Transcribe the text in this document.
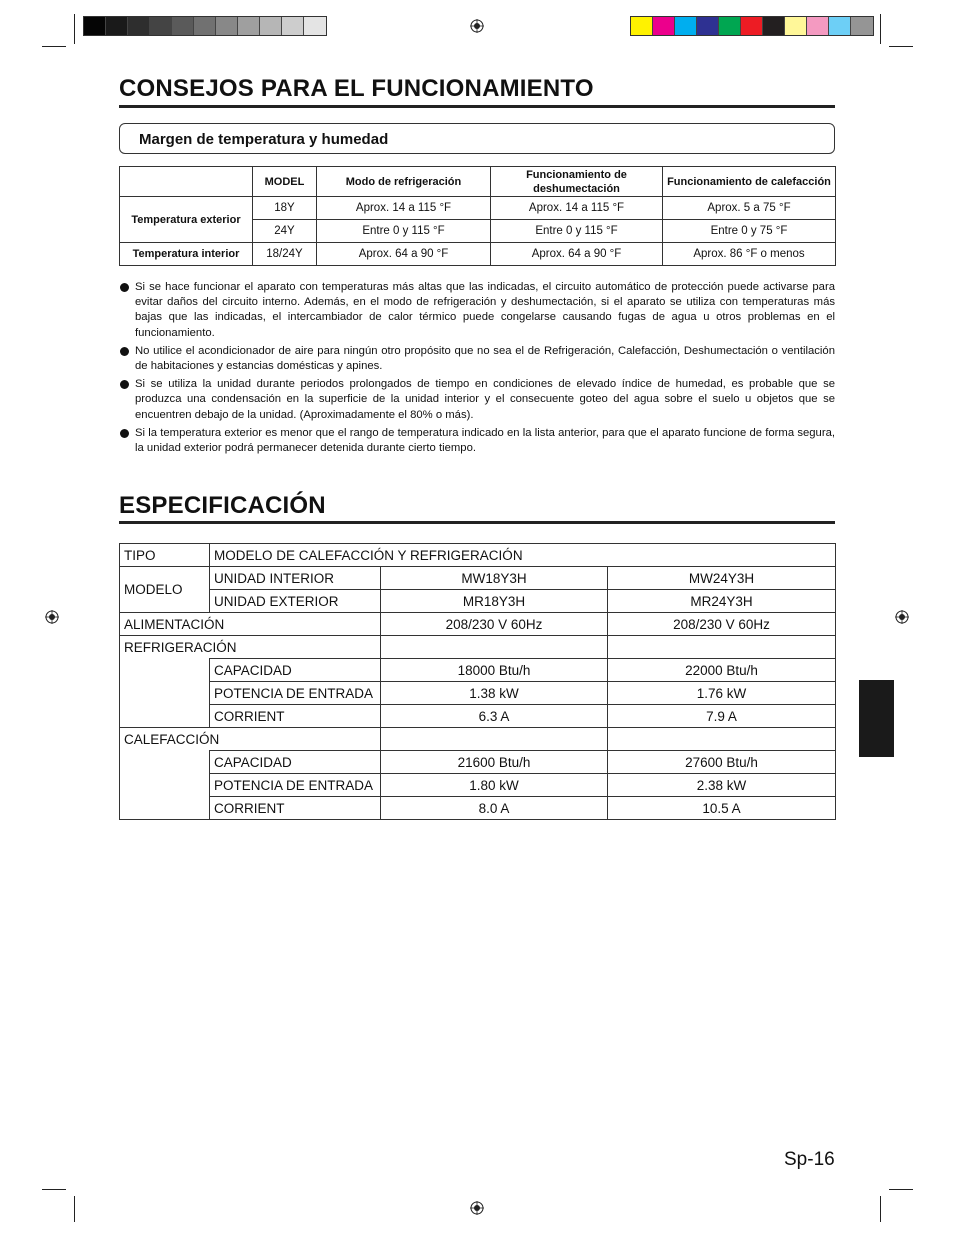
CONSEJOS PARA EL FUNCIONAMIENTO
Margen de temperatura y humedad
	MODEL	Modo de refrigeración	Funcionamiento de deshumectación	Funcionamiento de calefacción
Temperatura exterior	18Y	Aprox. 14 a 115 °F	Aprox. 14 a 115 °F	Aprox. 5 a 75 °F
	24Y	Entre 0 y 115 °F	Entre 0 y 115 °F	Entre 0 y 75 °F
Temperatura interior	18/24Y	Aprox. 64 a 90 °F	Aprox. 64 a 90 °F	Aprox. 86 °F o menos
Si se hace funcionar el aparato con temperaturas más altas que las indicadas, el circuito automático de protección puede activarse para evitar daños del circuito interno. Además, en el modo de refrigeración y deshumectación, si el aparato se utiliza con temperaturas más bajas que las indicadas, el intercambiador de calor térmico puede congelarse causando fugas de agua u otros problemas en el funcionamiento.
No utilice el acondicionador de aire para ningún otro propósito que no sea el de Refrigeración, Calefacción, Deshumectación o ventilación de habitaciones y estancias domésticas y apines.
Si se utiliza la unidad durante periodos prolongados de tiempo en condiciones de elevado índice de humedad, es probable que se produzca una condensación en la superficie de la unidad interior y el consecuente goteo del agua sobre el suelo u objetos que se encuentren debajo de la unidad. (Aproximadamente el 80% o más).
Si la temperatura exterior es menor que el rango de temperatura indicado en la lista anterior, para que el aparato funcione de forma segura, la unidad exterior podrá permanecer detenida durante cierto tiempo.
ESPECIFICACIÓN
TIPO	MODELO DE CALEFACCIÓN Y REFRIGERACIÓN		
MODELO	UNIDAD INTERIOR	MW18Y3H	MW24Y3H
	UNIDAD EXTERIOR	MR18Y3H	MR24Y3H
ALIMENTACIÓN		208/230 V 60Hz	208/230 V 60Hz
REFRIGERACIÓN			
	CAPACIDAD	18000 Btu/h	22000 Btu/h
	POTENCIA DE ENTRADA	1.38 kW	1.76 kW
	CORRIENT	6.3 A	7.9 A
CALEFACCIÓN			
	CAPACIDAD	21600 Btu/h	27600 Btu/h
	POTENCIA DE ENTRADA	1.80 kW	2.38 kW
	CORRIENT	8.0 A	10.5 A
Sp-16
